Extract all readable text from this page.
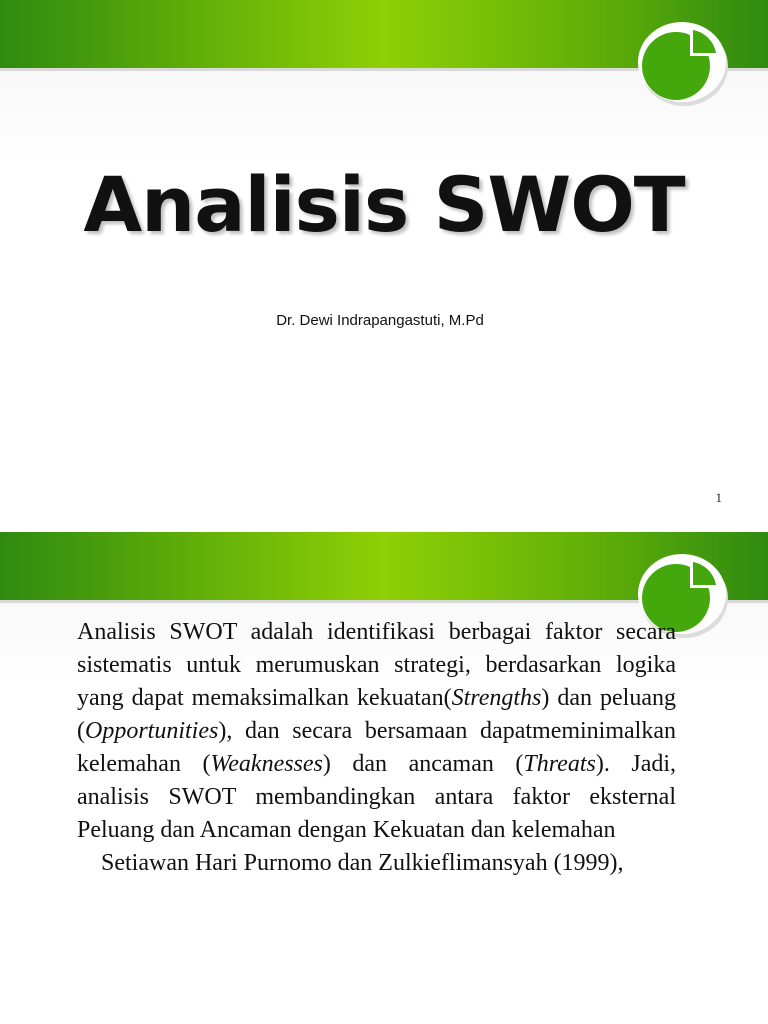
Analisis SWOT
Dr. Dewi Indrapangastuti, M.Pd
1

Analisis SWOT adalah identifikasi berbagai faktor secara sistematis untuk merumuskan strategi, berdasarkan logika yang dapat memaksimalkan kekuatan(Strengths) dan peluang (Opportunities), dan secara bersamaan dapatmeminimalkan kelemahan (Weaknesses) dan ancaman (Threats). Jadi, analisis SWOT membandingkan antara faktor eksternal Peluang dan Ancaman dengan Kekuatan dan kelemahan

Setiawan Hari Purnomo dan Zulkieflimansyah (1999),
